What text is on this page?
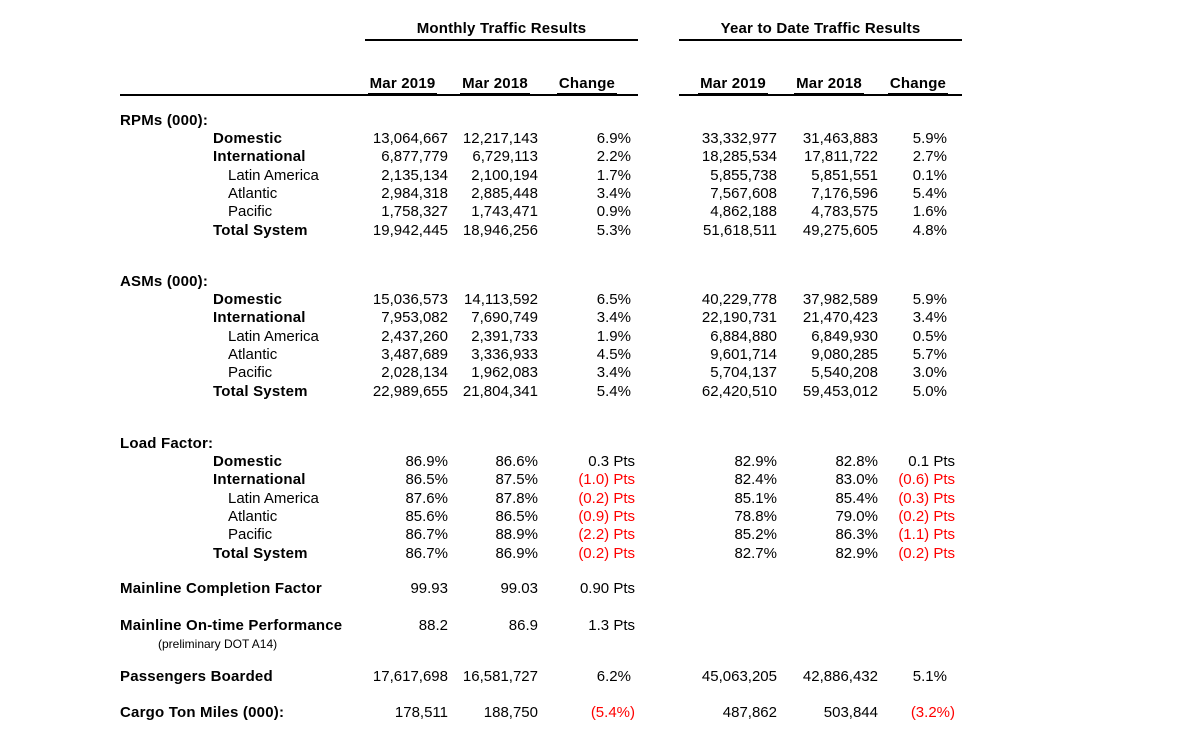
Monthly Traffic Results	Year to Date Traffic Results
Mar 2019	Mar 2018	Change	Mar 2019	Mar 2018	Change
RPMs (000):
Domestic	13,064,667 12,217,143	6.9%	33,332,977	31,463,883	5.9%
International	6,877,779	6,729,113	2.2%	18,285,534	17,811,722	2.7%
Latin America	2,135,134	2,100,194	1.7%	5,855,738	5,851,551	0.1%
Atlantic	2,984,318	2,885,448	3.4%	7,567,608	7,176,596	5.4%
Pacific	1,758,327	1,743,471	0.9%	4,862,188	4,783,575	1.6%
Total System	19,942,445 18,946,256	5.3%	51,618,511	49,275,605	4.8%
ASMs (000):
Domestic	15,036,573	14,113,592	6.5%	40,229,778	37,982,589	5.9%
International	7,953,082	7,690,749	3.4%	22,190,731	21,470,423	3.4%
Latin America	2,437,260	2,391,733	1.9%	6,884,880	6,849,930	0.5%
Atlantic	3,487,689	3,336,933	4.5%	9,601,714	9,080,285	5.7%
Pacific	2,028,134	1,962,083	3.4%	5,704,137	5,540,208	3.0%
Total System	22,989,655 21,804,341	5.4%	62,420,510	59,453,012	5.0%
Load Factor:
Domestic	86.9%	86.6%	0.3 Pts	82.9%	82.8%	0.1 Pts
International	86.5%	87.5%	(1.0) Pts	82.4%	83.0%	(0.6) Pts
Latin America	87.6%	87.8%	(0.2) Pts	85.1%	85.4%	(0.3) Pts
Atlantic	85.6%	86.5%	(0.9) Pts	78.8%	79.0%	(0.2) Pts
Pacific	86.7%	88.9%	(2.2) Pts	85.2%	86.3%	(1.1) Pts
Total System	86.7%	86.9%	(0.2) Pts	82.7%	82.9%	(0.2) Pts
Mainline Completion Factor	99.93	99.03	0.90 Pts
Mainline On-time Performance	88.2	86.9	1.3 Pts
Passengers Boarded	17,617,698 16,581,727	6.2%	45,063,205	42,886,432	5.1%
Cargo Ton Miles (000):	178,511	188,750	(5.4%)	487,862	503,844	(3.2%)
(preliminary DOT A14)
